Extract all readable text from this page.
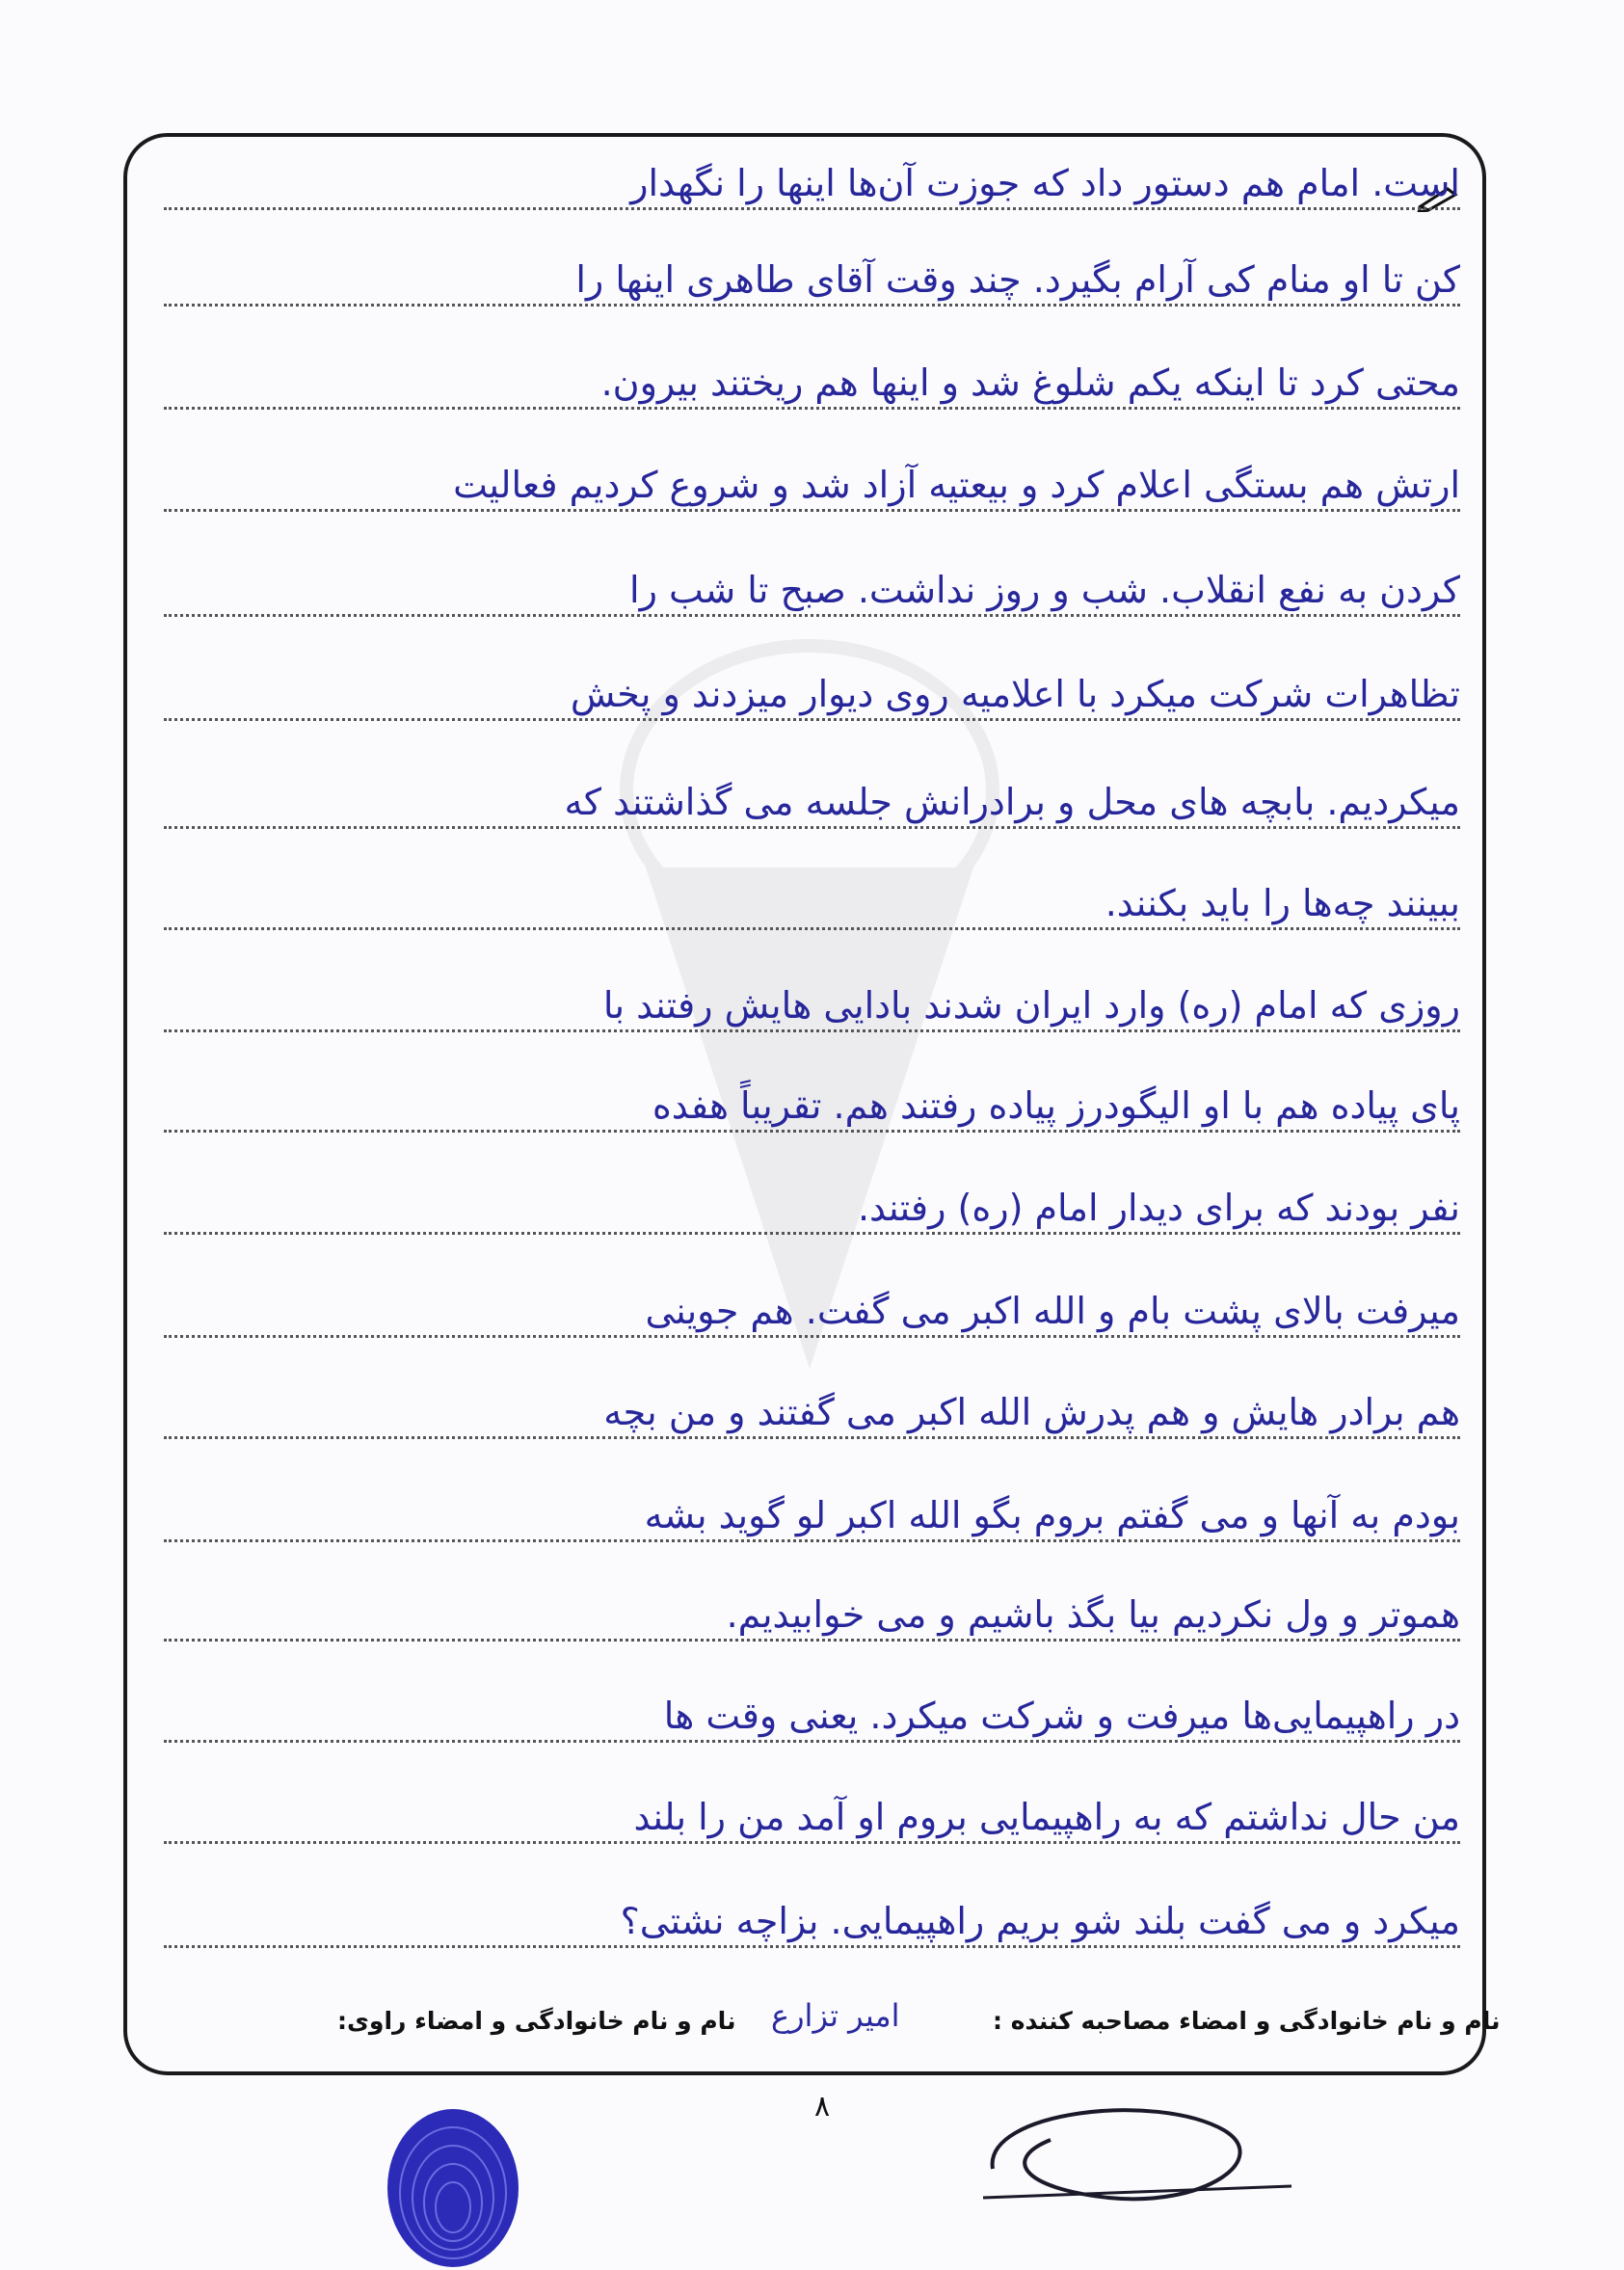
است. امام هم دستور داد که جوزت آن‌ها اینها را نگهدار
کن تا او منام کی آرام بگیرد. چند وقت آقای طاهری اینها را
محتی کرد تا اینکه یکم شلوغ شد و اینها هم ریختند بیرون.
ارتش هم بستگی اعلام کرد و بیعتیه آزاد شد و شروع کردیم فعالیت
کردن به نفع انقلاب. شب و روز نداشت. صبح تا شب را
تظاهرات شرکت میکرد با اعلامیه روی دیوار میزدند و پخش
میکردیم. بابچه های محل و برادرانش جلسه می گذاشتند که
ببینند چه‌ها را باید بکنند.
روزی که امام (ره) وارد ایران شدند بادایی هایش رفتند با
پای پیاده هم با او الیگودرز پیاده رفتند هم. تقریباً هفده
نفر بودند که برای دیدار امام (ره) رفتند.
میرفت بالای پشت بام و الله اکبر می گفت. هم جوینی
هم برادر هایش و هم پدرش الله اکبر می گفتند و من بچه
بودم به آنها و می گفتم بروم بگو الله اکبر لو گوید بشه
هموتر و ول نکردیم بیا بگذ باشیم و می خوابیدیم.
در راهپیمایی‌ها میرفت و شرکت میکرد. یعنی وقت ها
من حال نداشتم که به راهپیمایی بروم او آمد من را بلند
میکرد و می گفت بلند شو بریم راهپیمایی. بزاچه نشتی؟
نام و نام خانوادگی و امضاء مصاحبه کننده :
امیر تزارع
نام و نام خانوادگی و امضاء راوی:
۸
